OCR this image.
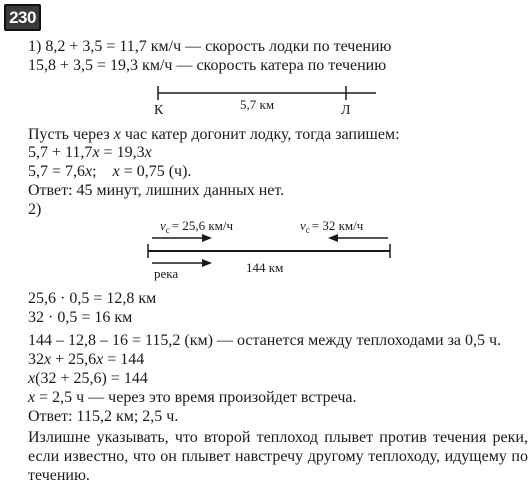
230
1) 8,2 + 3,5 = 11,7 км/ч — скорость лодки по течению
15,8 + 3,5 = 19,3 км/ч — скорость катера по течению
К	5,7 км	Л
$v_c = 25,6$ км/ч	$v_c = 32$ км/ч
река	144 км
Пусть через x час катер догонит лодку, тогда запишем:
5,7 + 11,7x = 19,3x
5,7 = 7,6x; x = 0,75 (ч).
Ответ: 45 минут, лишних данных нет.
2)
25,6 · 0,5 = 12,8 км
32 · 0,5 = 16 км
144 – 12,8 – 16 = 115,2 (км) — останется между теплоходами за 0,5 ч.
32x + 25,6x = 144
x(32 + 25,6) = 144
x = 2,5 ч — через это время произойдет встреча.
Ответ: 115,2 км; 2,5 ч.
Излишне указывать, что второй теплоход плывет против течения реки, если известно, что он плывет навстречу другому теплоходу, идущему по течению.
